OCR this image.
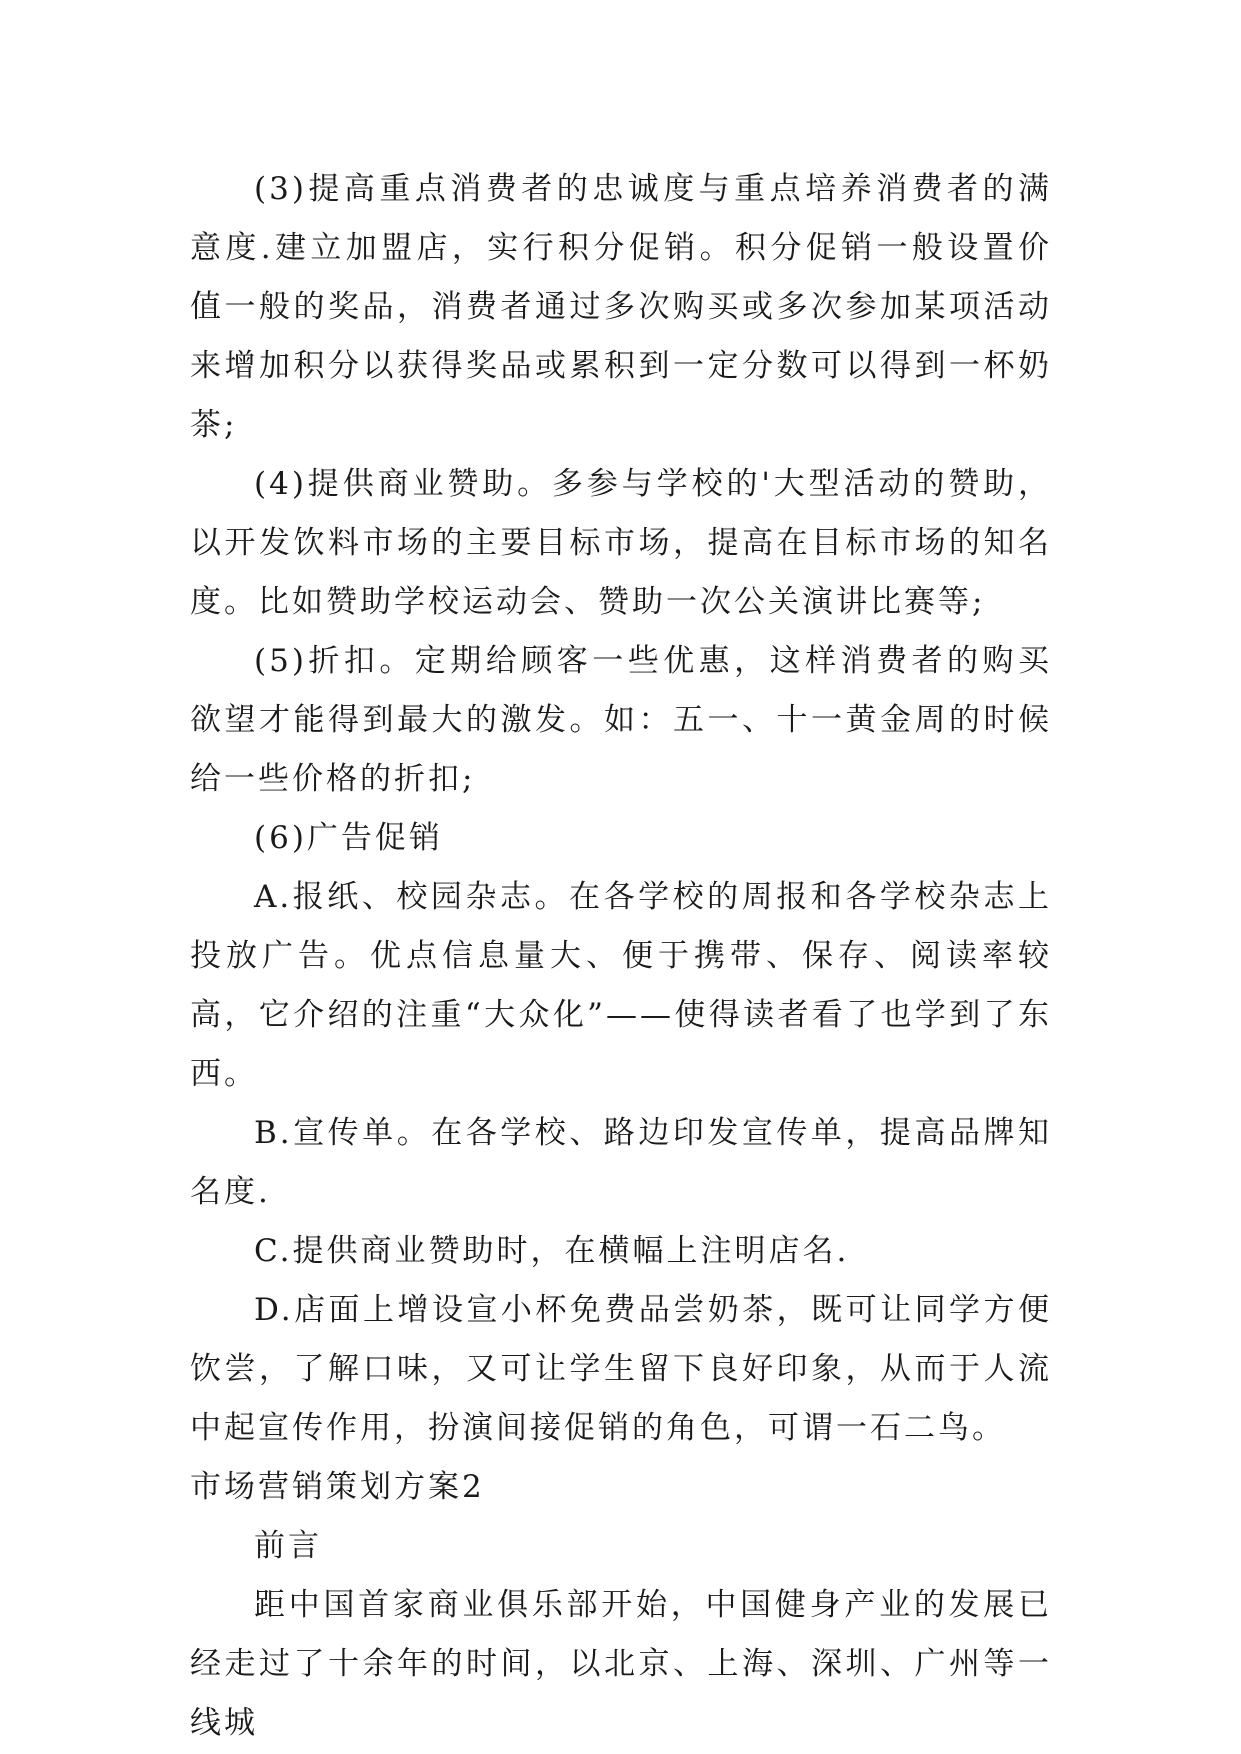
(3)提高重点消费者的忠诚度与重点培养消费者的满意度.建立加盟店，实行积分促销。积分促销一般设置价值一般的奖品，消费者通过多次购买或多次参加某项活动来增加积分以获得奖品或累积到一定分数可以得到一杯奶茶;

(4)提供商业赞助。多参与学校的'大型活动的赞助，以开发饮料市场的主要目标市场，提高在目标市场的知名度。比如赞助学校运动会、赞助一次公关演讲比赛等;

(5)折扣。定期给顾客一些优惠，这样消费者的购买欲望才能得到最大的激发。如：五一、十一黄金周的时候给一些价格的折扣;

(6)广告促销

A.报纸、校园杂志。在各学校的周报和各学校杂志上投放广告。优点信息量大、便于携带、保存、阅读率较高，它介绍的注重“大众化”——使得读者看了也学到了东西。

B.宣传单。在各学校、路边印发宣传单，提高品牌知名度.

C.提供商业赞助时，在横幅上注明店名.

D.店面上增设宣小杯免费品尝奶茶，既可让同学方便饮尝，了解口味，又可让学生留下良好印象，从而于人流中起宣传作用，扮演间接促销的角色，可谓一石二鸟。

市场营销策划方案2

前言

距中国首家商业俱乐部开始，中国健身产业的发展已经走过了十余年的时间，以北京、上海、深圳、广州等一线城
